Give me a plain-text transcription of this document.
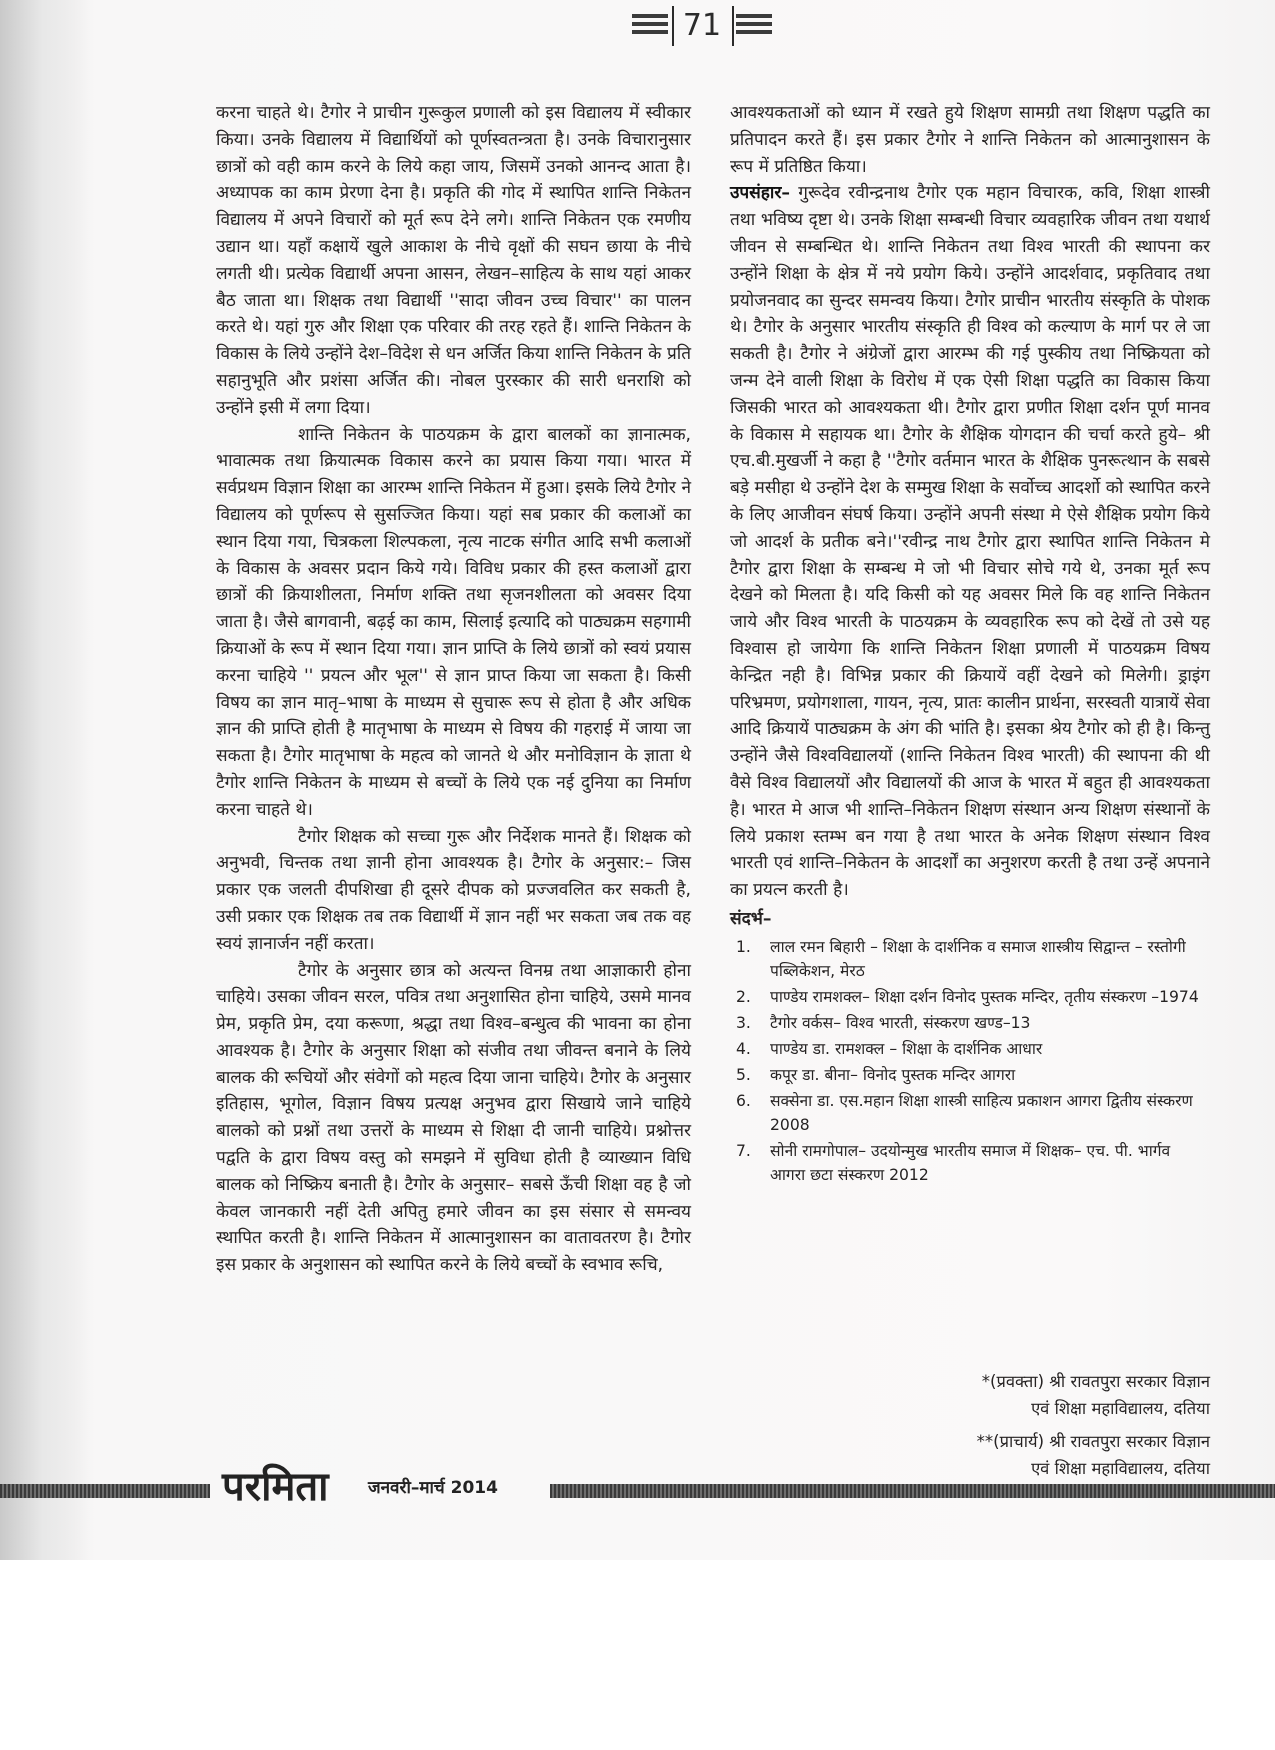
71

करना चाहते थे। टैगोर ने प्राचीन गुरूकुल प्रणाली को इस विद्यालय में स्वीकार किया। उनके विद्यालय में विद्यार्थियों को पूर्णस्वतन्त्रता है। उनके विचारानुसार छात्रों को वही काम करने के लिये कहा जाय, जिसमें उनको आनन्द आता है। अध्यापक का काम प्रेरणा देना है। प्रकृति की गोद में स्थापित शान्ति निकेतन विद्यालय में अपने विचारों को मूर्त रूप देने लगे। शान्ति निकेतन एक रमणीय उद्यान था। यहाँ कक्षायें खुले आकाश के नीचे वृक्षों की सघन छाया के नीचे लगती थी। प्रत्येक विद्यार्थी अपना आसन, लेखन–साहित्य के साथ यहां आकर बैठ जाता था। शिक्षक तथा विद्यार्थी ''सादा जीवन उच्च विचार'' का पालन करते थे। यहां गुरु और शिक्षा एक परिवार की तरह रहते हैं। शान्ति निकेतन के विकास के लिये उन्होंने देश–विदेश से धन अर्जित किया शान्ति निकेतन के प्रति सहानुभूति और प्रशंसा अर्जित की। नोबल पुरस्कार की सारी धनराशि को उन्होंने इसी में लगा दिया।

शान्ति निकेतन के पाठयक्रम के द्वारा बालकों का ज्ञानात्मक, भावात्मक तथा क्रियात्मक विकास करने का प्रयास किया गया। भारत में सर्वप्रथम विज्ञान शिक्षा का आरम्भ शान्ति निकेतन में हुआ। इसके लिये टैगोर ने विद्यालय को पूर्णरूप से सुसज्जित किया। यहां सब प्रकार की कलाओं का स्थान दिया गया, चित्रकला शिल्पकला, नृत्य नाटक संगीत आदि सभी कलाओं के विकास के अवसर प्रदान किये गये। विविध प्रकार की हस्त कलाओं द्वारा छात्रों की क्रियाशीलता, निर्माण शक्ति तथा सृजनशीलता को अवसर दिया जाता है। जैसे बागवानी, बढ़ई का काम, सिलाई इत्यादि को पाठ्यक्रम सहगामी क्रियाओं के रूप में स्थान दिया गया। ज्ञान प्राप्ति के लिये छात्रों को स्वयं प्रयास करना चाहिये '' प्रयत्न और भूल'' से ज्ञान प्राप्त किया जा सकता है। किसी विषय का ज्ञान मातृ–भाषा के माध्यम से सुचारू रूप से होता है और अधिक ज्ञान की प्राप्ति होती है मातृभाषा के माध्यम से विषय की गहराई में जाया जा सकता है। टैगोर मातृभाषा के महत्व को जानते थे और मनोविज्ञान के ज्ञाता थे टैगोर शान्ति निकेतन के माध्यम से बच्चों के लिये एक नई दुनिया का निर्माण करना चाहते थे।

टैगोर शिक्षक को सच्चा गुरू और निर्देशक मानते हैं। शिक्षक को अनुभवी, चिन्तक तथा ज्ञानी होना आवश्यक है। टैगोर के अनुसार:– जिस प्रकार एक जलती दीपशिखा ही दूसरे दीपक को प्रज्जवलित कर सकती है, उसी प्रकार एक शिक्षक तब तक विद्यार्थी में ज्ञान नहीं भर सकता जब तक वह स्वयं ज्ञानार्जन नहीं करता।

टैगोर के अनुसार छात्र को अत्यन्त विनम्र तथा आज्ञाकारी होना चाहिये। उसका जीवन सरल, पवित्र तथा अनुशासित होना चाहिये, उसमे मानव प्रेम, प्रकृति प्रेम, दया करूणा, श्रद्धा तथा विश्व–बन्धुत्व की भावना का होना आवश्यक है। टैगोर के अनुसार शिक्षा को संजीव तथा जीवन्त बनाने के लिये बालक की रूचियों और संवेगों को महत्व दिया जाना चाहिये। टैगोर के अनुसार इतिहास, भूगोल, विज्ञान विषय प्रत्यक्ष अनुभव द्वारा सिखाये जाने चाहिये बालको को प्रश्नों तथा उत्तरों के माध्यम से शिक्षा दी जानी चाहिये। प्रश्नोत्तर पद्वति के द्वारा विषय वस्तु को समझने में सुविधा होती है व्याख्यान विधि बालक को निष्क्रिय बनाती है। टैगोर के अनुसार– सबसे ऊँची शिक्षा वह है जो केवल जानकारी नहीं देती अपितु हमारे जीवन का इस संसार से समन्वय स्थापित करती है। शान्ति निकेतन में आत्मानुशासन का वातावतरण है। टैगोर इस प्रकार के अनुशासन को स्थापित करने के लिये बच्चों के स्वभाव रूचि,

आवश्यकताओं को ध्यान में रखते हुये शिक्षण सामग्री तथा शिक्षण पद्धति का प्रतिपादन करते हैं। इस प्रकार टैगोर ने शान्ति निकेतन को आत्मानुशासन के रूप में प्रतिष्ठित किया।

उपसंहार– गुरूदेव रवीन्द्रनाथ टैगोर एक महान विचारक, कवि, शिक्षा शास्त्री तथा भविष्य दृष्टा थे। उनके शिक्षा सम्बन्धी विचार व्यवहारिक जीवन तथा यथार्थ जीवन से सम्बन्धित थे। शान्ति निकेतन तथा विश्व भारती की स्थापना कर उन्होंने शिक्षा के क्षेत्र में नये प्रयोग किये। उन्होंने आदर्शवाद, प्रकृतिवाद तथा प्रयोजनवाद का सुन्दर समन्वय किया। टैगोर प्राचीन भारतीय संस्कृति के पोशक थे। टैगोर के अनुसार भारतीय संस्कृति ही विश्व को कल्याण के मार्ग पर ले जा सकती है। टैगोर ने अंग्रेजों द्वारा आरम्भ की गई पुस्कीय तथा निष्क्रियता को जन्म देने वाली शिक्षा के विरोध में एक ऐसी शिक्षा पद्धति का विकास किया जिसकी भारत को आवश्यकता थी। टैगोर द्वारा प्रणीत शिक्षा दर्शन पूर्ण मानव के विकास मे सहायक था। टैगोर के शैक्षिक योगदान की चर्चा करते हुये– श्री एच.बी.मुखर्जी ने कहा है ''टैगोर वर्तमान भारत के शैक्षिक पुनरूत्थान के सबसे बड़े मसीहा थे उन्होंने देश के सम्मुख शिक्षा के सर्वोच्च आदर्शो को स्थापित करने के लिए आजीवन संघर्ष किया। उन्होंने अपनी संस्था मे ऐसे शैक्षिक प्रयोग किये जो आदर्श के प्रतीक बने।''रवीन्द्र नाथ टैगोर द्वारा स्थापित शान्ति निकेतन मे टैगोर द्वारा शिक्षा के सम्बन्ध मे जो भी विचार सोचे गये थे, उनका मूर्त रूप देखने को मिलता है। यदि किसी को यह अवसर मिले कि वह शान्ति निकेतन जाये और विश्व भारती के पाठयक्रम के व्यवहारिक रूप को देखें तो उसे यह विश्वास हो जायेगा कि शान्ति निकेतन शिक्षा प्रणाली में पाठयक्रम विषय केन्द्रित नही है। विभिन्न प्रकार की क्रियायें वहीं देखने को मिलेगी। ड्राइंग परिभ्रमण, प्रयोगशाला, गायन, नृत्य, प्रातः कालीन प्रार्थना, सरस्वती यात्रायें सेवा आदि क्रियायें पाठ्यक्रम के अंग की भांति है। इसका श्रेय टैगोर को ही है। किन्तु उन्होंने जैसे विश्वविद्यालयों (शान्ति निकेतन विश्व भारती) की स्थापना की थी वैसे विश्व विद्यालयों और विद्यालयों की आज के भारत में बहुत ही आवश्यकता है। भारत मे आज भी शान्ति–निकेतन शिक्षण संस्थान अन्य शिक्षण संस्थानों के लिये प्रकाश स्तम्भ बन गया है तथा भारत के अनेक शिक्षण संस्थान विश्व भारती एवं शान्ति–निकेतन के आदर्शों का अनुशरण करती है तथा उन्हें अपनाने का प्रयत्न करती है।

संदर्भ–
1. लाल रमन बिहारी – शिक्षा के दार्शनिक व समाज शास्त्रीय सिद्वान्त – रस्तोगी पब्लिकेशन, मेरठ
2. पाण्डेय रामशक्ल– शिक्षा दर्शन विनोद पुस्तक मन्दिर, तृतीय संस्करण –1974
3. टैगोर वर्कस– विश्व भारती, संस्करण खण्ड–13
4. पाण्डेय डा. रामशक्ल – शिक्षा के दार्शनिक आधार
5. कपूर डा. बीना– विनोद पुस्तक मन्दिर आगरा
6. सक्सेना डा. एस.महान शिक्षा शास्त्री साहित्य प्रकाशन आगरा द्वितीय संस्करण 2008
7. सोनी रामगोपाल– उदयोन्मुख भारतीय समाज में शिक्षक– एच. पी. भार्गव आगरा छटा संस्करण 2012
*(प्रवक्ता) श्री रावतपुरा सरकार विज्ञान
एवं शिक्षा महाविद्यालय, दतिया
**(प्राचार्य) श्री रावतपुरा सरकार विज्ञान
एवं शिक्षा महाविद्यालय, दतिया
परमिता जनवरी–मार्च 2014
